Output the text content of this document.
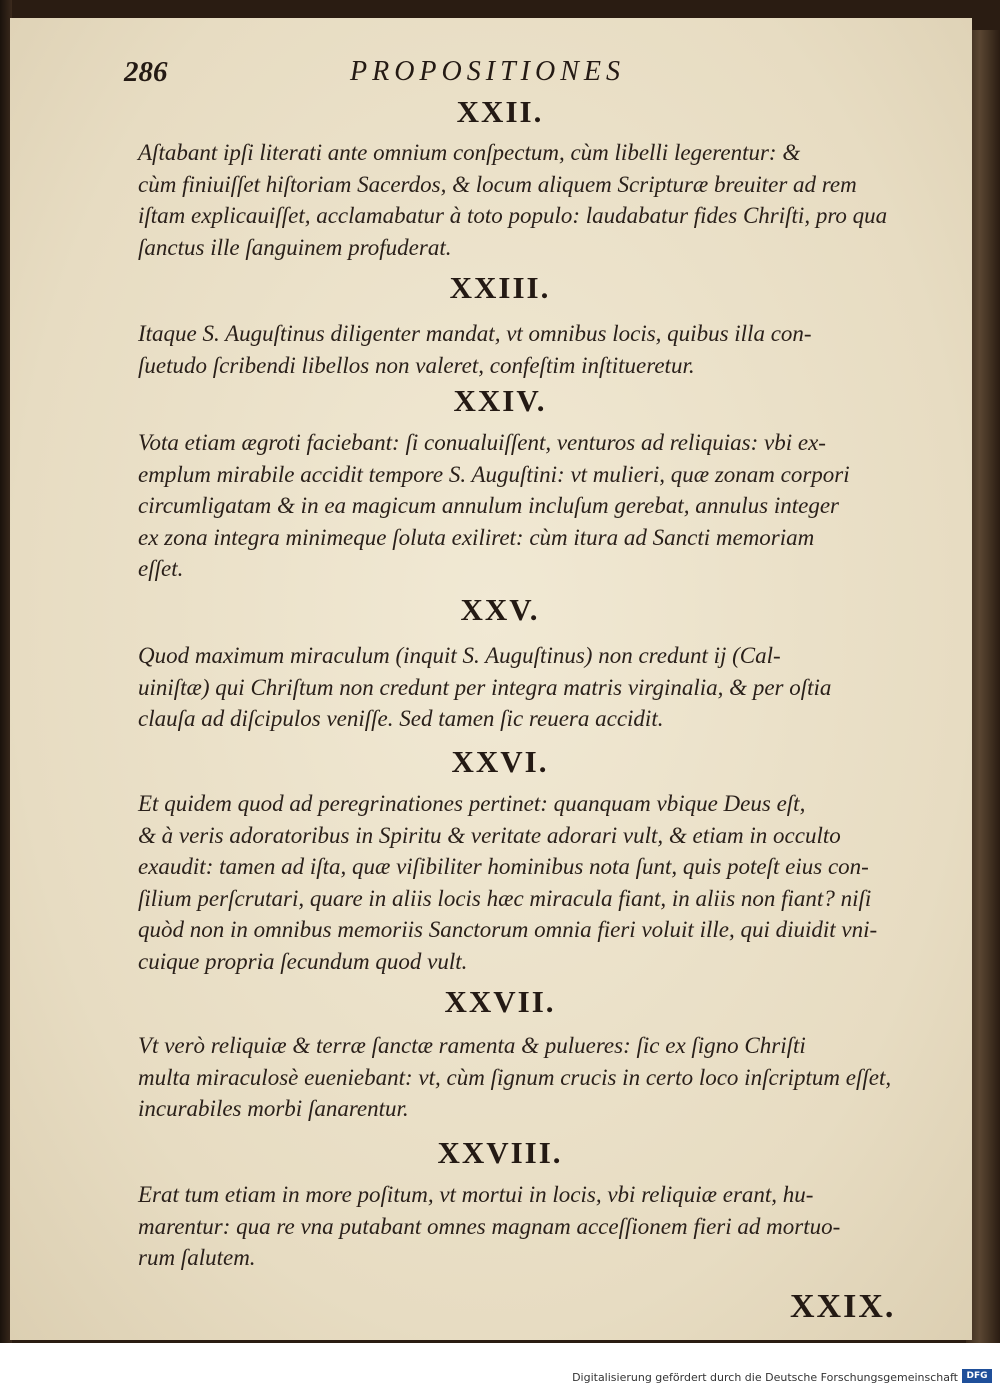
286	PROPOSITIONES

XXII.

Aſtabant ipſi literati ante omnium conſpectum, cùm libelli legerentur: &
cùm finiuiſſet hiſtoriam Sacerdos, & locum aliquem Scripturæ breuiter ad rem
iſtam explicauiſſet, acclamabatur à toto populo: laudabatur fides Chriſti, pro qua
ſanctus ille ſanguinem profuderat.

XXIII.

Itaque S. Auguſtinus diligenter mandat, vt omnibus locis, quibus illa con-
ſuetudo ſcribendi libellos non valeret, confeſtim inſtitueretur.

XXIV.

Vota etiam ægroti faciebant: ſi conualuiſſent, venturos ad reliquias: vbi ex-
emplum mirabile accidit tempore S. Auguſtini: vt mulieri, quæ zonam corpori
circumligatam & in ea magicum annulum incluſum gerebat, annulus integer
ex zona integra minimeque ſoluta exiliret: cùm itura ad Sancti memoriam
eſſet.

XXV.

Quod maximum miraculum (inquit S. Auguſtinus) non credunt ij (Cal-
uiniſtæ) qui Chriſtum non credunt per integra matris virginalia, & per oſtia
clauſa ad diſcipulos veniſſe. Sed tamen ſic reuera accidit.

XXVI.

Et quidem quod ad peregrinationes pertinet: quanquam vbique Deus eſt,
& à veris adoratoribus in Spiritu & veritate adorari vult, & etiam in occulto
exaudit: tamen ad iſta, quæ viſibiliter hominibus nota ſunt, quis poteſt eius con-
ſilium perſcrutari, quare in aliis locis hæc miracula fiant, in aliis non fiant? niſi
quòd non in omnibus memoriis Sanctorum omnia fieri voluit ille, qui diuidit vni-
cuique propria ſecundum quod vult.

XXVII.

Vt verò reliquiæ & terræ ſanctæ ramenta & pulueres: ſic ex ſigno Chriſti
multa miraculosè eueniebant: vt, cùm ſignum crucis in certo loco inſcriptum eſſet,
incurabiles morbi ſanarentur.

XXVIII.

Erat tum etiam in more poſitum, vt mortui in locis, vbi reliquiæ erant, hu-
marentur: qua re vna putabant omnes magnam acceſſionem fieri ad mortuo-
rum ſalutem.

XXIX.

Digitalisierung gefördert durch die Deutsche Forschungsgemeinschaft DFG
